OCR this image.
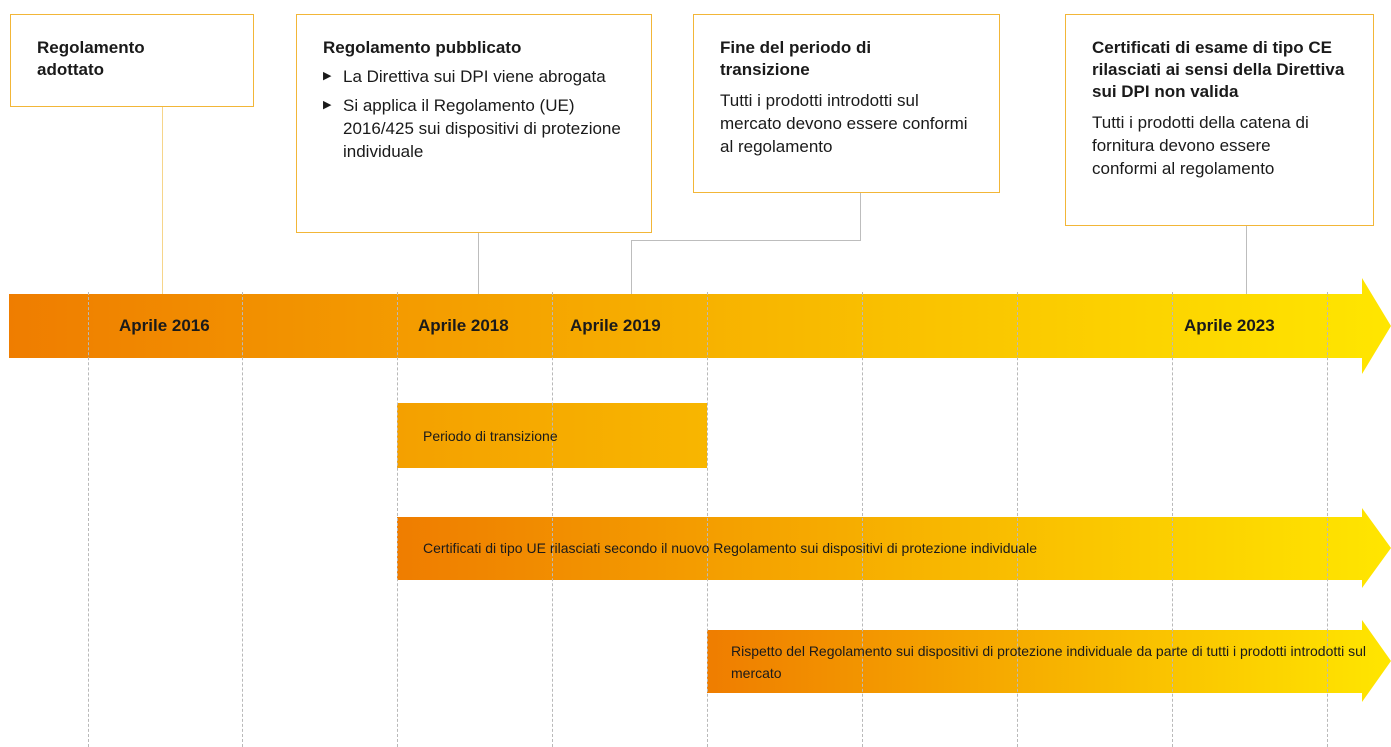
Regolamento adottato
Regolamento pubblicato
▶ La Direttiva sui DPI viene abrogata
▶ Si applica il Regolamento (UE) 2016/425 sui dispositivi di protezione individuale
Fine del periodo di transizione
Tutti i prodotti introdotti sul mercato devono essere conformi al regolamento
Certificati di esame di tipo CE rilasciati ai sensi della Direttiva sui DPI non valida
Tutti i prodotti della catena di fornitura devono essere conformi al regolamento
Aprile 2016	Aprile 2018	Aprile 2019	Aprile 2023
Periodo di transizione
Certificati di tipo UE rilasciati secondo il nuovo Regolamento sui dispositivi di protezione individuale
Rispetto del Regolamento sui dispositivi di protezione individuale da parte di tutti i prodotti introdotti sul mercato
